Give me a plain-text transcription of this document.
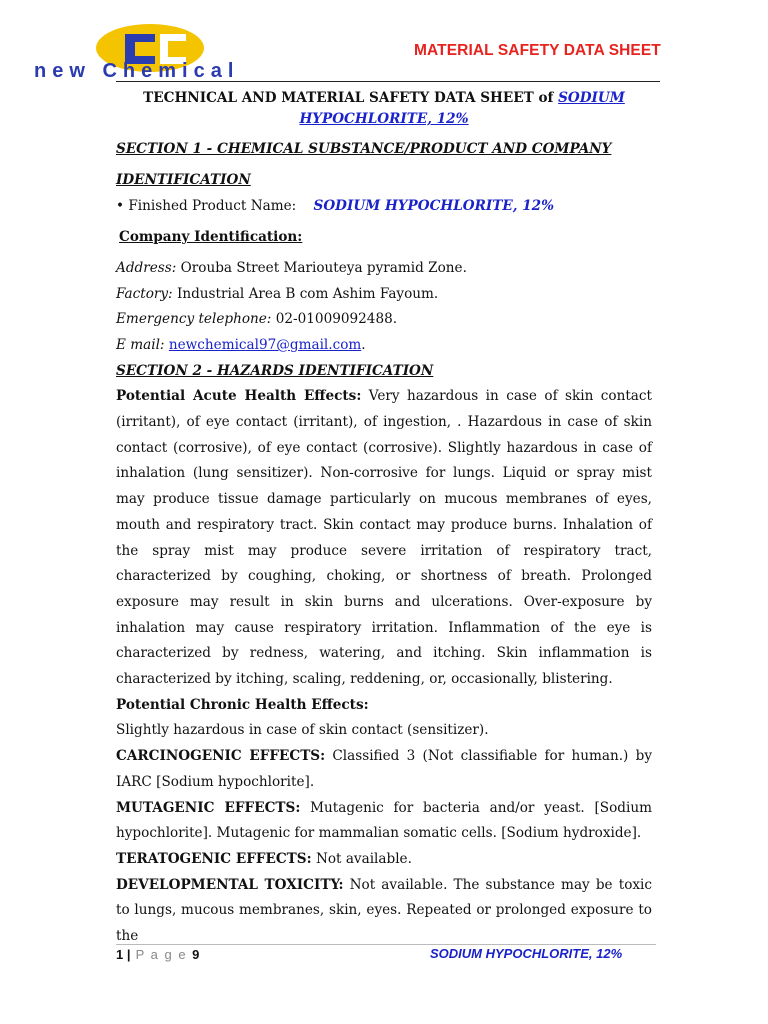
new Chemical
MATERIAL SAFETY DATA SHEET
TECHNICAL AND MATERIAL SAFETY DATA SHEET of SODIUM
HYPOCHLORITE, 12%

SECTION 1 - CHEMICAL SUBSTANCE/PRODUCT AND COMPANY

IDENTIFICATION

• Finished Product Name: SODIUM HYPOCHLORITE, 12%

Company Identification:

Address: Orouba Street Mariouteya pyramid Zone.

Factory: Industrial Area B com Ashim Fayoum.

Emergency telephone: 02-01009092488.

E mail: newchemical97@gmail.com.

SECTION 2 - HAZARDS IDENTIFICATION

Potential Acute Health Effects: Very hazardous in case of skin contact (irritant), of eye contact (irritant), of ingestion, . Hazardous in case of skin contact (corrosive), of eye contact (corrosive). Slightly hazardous in case of inhalation (lung sensitizer). Non-corrosive for lungs. Liquid or spray mist may produce tissue damage particularly on mucous membranes of eyes, mouth and respiratory tract. Skin contact may produce burns. Inhalation of the spray mist may produce severe irritation of respiratory tract, characterized by coughing, choking, or shortness of breath. Prolonged exposure may result in skin burns and ulcerations. Over-exposure by inhalation may cause respiratory irritation. Inflammation of the eye is characterized by redness, watering, and itching. Skin inflammation is characterized by itching, scaling, reddening, or, occasionally, blistering.

Potential Chronic Health Effects:

Slightly hazardous in case of skin contact (sensitizer).

CARCINOGENIC EFFECTS: Classified 3 (Not classifiable for human.) by IARC [Sodium hypochlorite].

MUTAGENIC EFFECTS: Mutagenic for bacteria and/or yeast. [Sodium hypochlorite]. Mutagenic for mammalian somatic cells. [Sodium hydroxide].

TERATOGENIC EFFECTS: Not available.

DEVELOPMENTAL TOXICITY: Not available. The substance may be toxic to lungs, mucous membranes, skin, eyes. Repeated or prolonged exposure to the

1 | P a g e 9	SODIUM HYPOCHLORITE, 12%
